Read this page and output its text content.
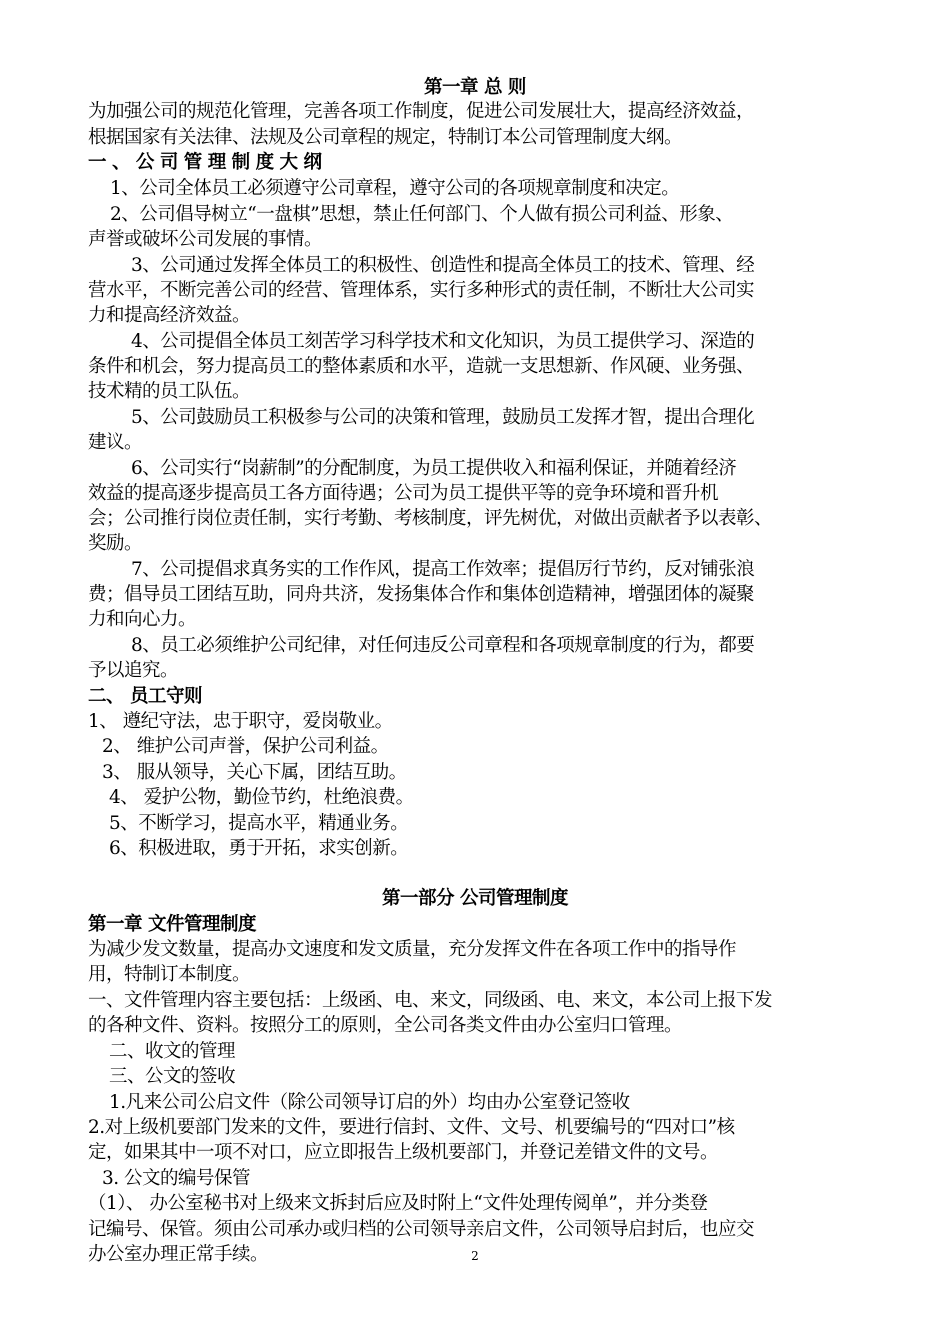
第一章 总 则
为加强公司的规范化管理，完善各项工作制度，促进公司发展壮大，提高经济效益，
根据国家有关法律、法规及公司章程的规定，特制订本公司管理制度大纲。
一 、 公 司 管 理 制 度 大 纲
1、公司全体员工必须遵守公司章程，遵守公司的各项规章制度和决定。
2、公司倡导树立“一盘棋”思想，禁止任何部门、个人做有损公司利益、形象、
声誉或破坏公司发展的事情。
3、公司通过发挥全体员工的积极性、创造性和提高全体员工的技术、管理、经
营水平，不断完善公司的经营、管理体系，实行多种形式的责任制，不断壮大公司实
力和提高经济效益。
4、公司提倡全体员工刻苦学习科学技术和文化知识，为员工提供学习、深造的
条件和机会，努力提高员工的整体素质和水平，造就一支思想新、作风硬、业务强、
技术精的员工队伍。
5、公司鼓励员工积极参与公司的决策和管理，鼓励员工发挥才智，提出合理化
建议。
6、公司实行“岗薪制”的分配制度，为员工提供收入和福利保证，并随着经济
效益的提高逐步提高员工各方面待遇；公司为员工提供平等的竞争环境和晋升机
会；公司推行岗位责任制，实行考勤、考核制度，评先树优，对做出贡献者予以表彰、
奖励。
7、公司提倡求真务实的工作作风，提高工作效率；提倡厉行节约，反对铺张浪
费；倡导员工团结互助，同舟共济，发扬集体合作和集体创造精神，增强团体的凝聚
力和向心力。
8、员工必须维护公司纪律，对任何违反公司章程和各项规章制度的行为，都要
予以追究。
二、 员工守则
1、 遵纪守法，忠于职守，爱岗敬业。
2、 维护公司声誉，保护公司利益。
3、 服从领导，关心下属，团结互助。
4、 爱护公物，勤俭节约，杜绝浪费。
5、不断学习，提高水平，精通业务。
6、积极进取，勇于开拓，求实创新。
第一部分 公司管理制度
第一章 文件管理制度
为减少发文数量，提高办文速度和发文质量，充分发挥文件在各项工作中的指导作
用，特制订本制度。
一、文件管理内容主要包括：上级函、电、来文，同级函、电、来文，本公司上报下发
的各种文件、资料。按照分工的原则，全公司各类文件由办公室归口管理。
二、收文的管理
三、公文的签收
1.凡来公司公启文件（除公司领导订启的外）均由办公室登记签收
2.对上级机要部门发来的文件，要进行信封、文件、文号、机要编号的“四对口”核
定，如果其中一项不对口，应立即报告上级机要部门，并登记差错文件的文号。
3. 公文的编号保管
（1）、 办公室秘书对上级来文拆封后应及时附上“文件处理传阅单”，并分类登
记编号、保管。须由公司承办或归档的公司领导亲启文件，公司领导启封后，也应交
办公室办理正常手续。	2
